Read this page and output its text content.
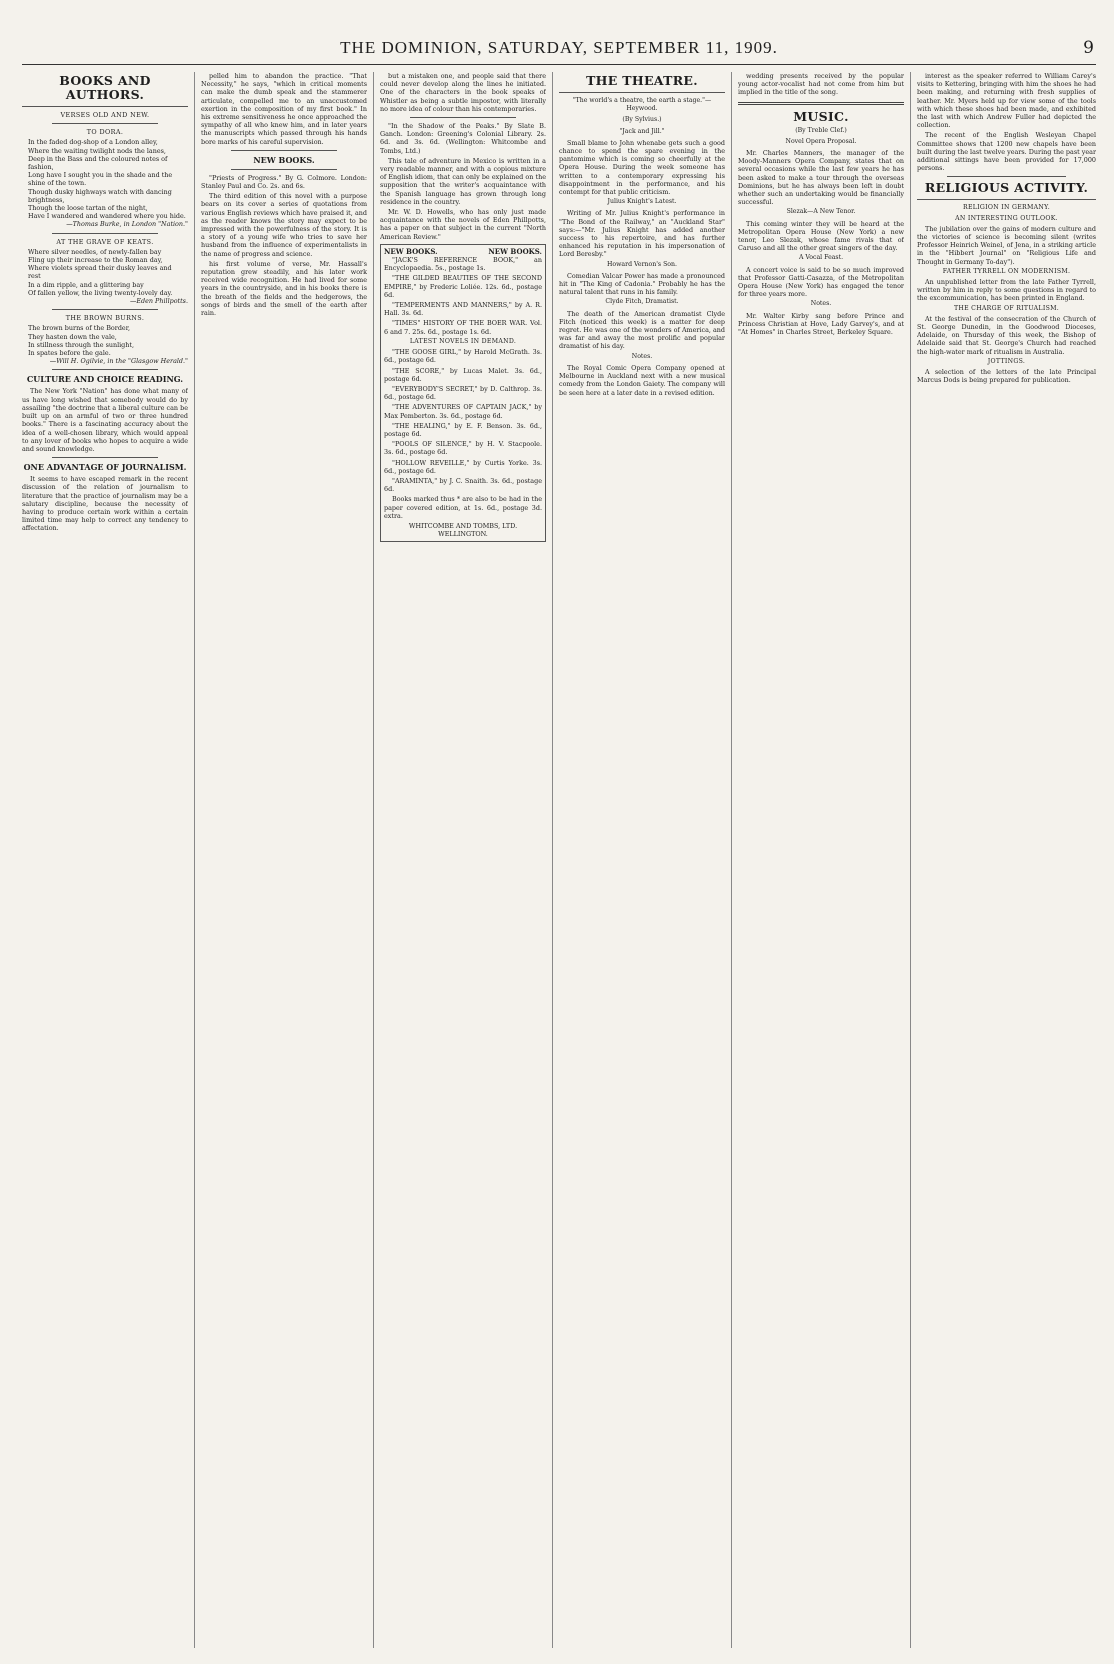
THE DOMINION, SATURDAY, SEPTEMBER 11, 1909.	9
BOOKS AND AUTHORS.
VERSES OLD AND NEW.
TO DORA.

In the faded dog-shop of a London alley,

Where the waiting twilight nods the lanes,

Deep in the Bass and the coloured notes of

fashion,

Long have I sought you in the shade and the

shine of the town.

Though dusky highways watch with dancing

brightness,

Though the loose tartan of the night,

Have I wandered and wandered where you hide.

—Thomas Burke, in London "Nation."
AT THE GRAVE OF KEATS.

Where silver needles, of newly-fallen bay

Fling up their increase to the Roman day,

Where violets spread their dusky leaves and

rest

In a dim ripple, and a glittering bay

Of fallen yellow, the living twenty-lovely day.

—Eden Phillpotts.
THE BROWN BURNS.

The brown burns of the Border,

They hasten down the vale,

In stillness through the sunlight,

In spates before the gale.

—Will H. Ogilvie, in the "Glasgow Herald."
CULTURE AND CHOICE READING.

The New York "Nation" has done what many of us have long wished that somebody would do by assailing "the doctrine that a liberal culture can be built up on an armful of two or three hundred books." There is a fascinating accuracy about the idea of a well-chosen library, which would appeal to any lover of books who hopes to acquire a wide and sound knowledge.

ONE ADVANTAGE OF JOURNALISM.

It seems to have escaped remark in the recent discussion of the relation of journalism to literature that the practice of journalism may be a salutary discipline, because the necessity of having to produce certain work within a certain limited time may help to correct any tendency to affectation.

pelled him to abandon the practice. "That Necessity," he says, "which in critical moments can make the dumb speak and the stammerer articulate, compelled me to an unaccustomed exertion in the composition of my first book." In his extreme sensitiveness he once approached the sympathy of all who knew him, and in later years the manuscripts which passed through his hands bore marks of his careful supervision.

NEW BOOKS.

"Priests of Progress." By G. Colmore. London: Stanley Paul and Co. 2s. and 6s.

The third edition of this novel with a purpose bears on its cover a series of quotations from various English reviews which have praised it, and as the reader knows the story may expect to be impressed with the powerfulness of the story. It is a story of a young wife who tries to save her husband from the influence of experimentalists in the name of progress and science.

his first volume of verse, Mr. Hassall's reputation grew steadily, and his later work received wide recognition. He had lived for some years in the countryside, and in his books there is the breath of the fields and the hedgerows, the songs of birds and the smell of the earth after rain.

but a mistaken one, and people said that there could never develop along the lines he initiated. One of the characters in the book speaks of Whistler as being a subtle impostor, with literally no more idea of colour than his contemporaries.

"In the Shadow of the Peaks." By Slate B. Ganch. London: Greening's Colonial Library. 2s. 6d. and 3s. 6d. (Wellington: Whitcombe and Tombs, Ltd.)

This tale of adventure in Mexico is written in a very readable manner, and with a copious mixture of English idiom, that can only be explained on the supposition that the writer's acquaintance with the Spanish language has grown through long residence in the country.

Mr. W. D. Howells, who has only just made acquaintance with the novels of Eden Phillpotts, has a paper on that subject in the current "North American Review."

NEW BOOKS.	NEW BOOKS.

"JACK'S REFERENCE BOOK," an Encyclopaedia. 5s., postage 1s.

"THE GILDED BEAUTIES OF THE SECOND EMPIRE," by Frederic Loliée. 12s. 6d., postage 6d.

"TEMPERMENTS AND MANNERS," by A. R. Hall. 3s. 6d.

"TIMES" HISTORY OF THE BOER WAR. Vol. 6 and 7. 25s. 6d., postage 1s. 6d.

LATEST NOVELS IN DEMAND.

"THE GOOSE GIRL," by Harold McGrath. 3s. 6d., postage 6d.

"THE SCORE," by Lucas Malet. 3s. 6d., postage 6d.

"EVERYBODY'S SECRET," by D. Calthrop. 3s. 6d., postage 6d.

"THE ADVENTURES OF CAPTAIN JACK," by Max Pemberton. 3s. 6d., postage 6d.

"THE HEALING," by E. F. Benson. 3s. 6d., postage 6d.

"POOLS OF SILENCE," by H. V. Stacpoole. 3s. 6d., postage 6d.

"HOLLOW REVEILLE," by Curtis Yorke. 3s. 6d., postage 6d.

"ARAMINTA," by J. C. Snaith. 3s. 6d., postage 6d.

Books marked thus * are also to be had in the paper covered edition, at 1s. 6d., postage 3d. extra.

WHITCOMBE AND TOMBS, LTD.
WELLINGTON.
THE THEATRE.
"The world's a theatre, the earth a stage."—Heywood.
(By Sylvius.)
"Jack and Jill."

Small blame to John whenabe gets such a good chance to spend the spare evening in the pantomime which is coming so cheerfully at the Opera House. During the week someone has written to a contemporary expressing his disappointment in the performance, and his contempt for that public criticism.

Julius Knight's Latest.

Writing of Mr. Julius Knight's performance in "The Bond of the Railway," an "Auckland Star" says:—"Mr. Julius Knight has added another success to his repertoire, and has further enhanced his reputation in his impersonation of Lord Beresby."

Howard Vernon's Son.

Comedian Valcar Power has made a pronounced hit in "The King of Cadonia." Probably he has the natural talent that runs in his family.

Clyde Fitch, Dramatist.

The death of the American dramatist Clyde Fitch (noticed this week) is a matter for deep regret. He was one of the wonders of America, and was far and away the most prolific and popular dramatist of his day.

Notes.

The Royal Comic Opera Company opened at Melbourne in Auckland next with a new musical comedy from the London Gaiety. The company will be seen here at a later date in a revised edition.

wedding presents received by the popular young actor-vocalist had not come from him but implied in the title of the song.

MUSIC.
(By Treble Clef.)
Novel Opera Proposal.

Mr. Charles Manners, the manager of the Moody-Manners Opera Company, states that on several occasions while the last few years he has been asked to make a tour through the overseas Dominions, but he has always been left in doubt whether such an undertaking would be financially successful.

Slezak—A New Tenor.

This coming winter they will be heard at the Metropolitan Opera House (New York) a new tenor, Leo Slezak, whose fame rivals that of Caruso and all the other great singers of the day.

A Vocal Feast.

A concert voice is said to be so much improved that Professor Gatti-Casazza, of the Metropolitan Opera House (New York) has engaged the tenor for three years more.

Notes.

Mr. Walter Kirby sang before Prince and Princess Christian at Hove, Lady Garvey's, and at "At Homes" in Charles Street, Berkeley Square.

interest as the speaker referred to William Carey's visits to Kettering, bringing with him the shoes he had been making, and returning with fresh supplies of leather. Mr. Myers held up for view some of the tools with which these shoes had been made, and exhibited the last with which Andrew Fuller had depicted the collection.

The recent of the English Wesleyan Chapel Committee shows that 1200 new chapels have been built during the last twelve years. During the past year additional sittings have been provided for 17,000 persons.

RELIGIOUS ACTIVITY.
RELIGION IN GERMANY.
AN INTERESTING OUTLOOK.

The jubilation over the gains of modern culture and the victories of science is becoming silent (writes Professor Heinrich Weinel, of Jena, in a striking article in the "Hibbert Journal" on "Religious Life and Thought in Germany To-day").

FATHER TYRRELL ON MODERNISM.

An unpublished letter from the late Father Tyrrell, written by him in reply to some questions in regard to the excommunication, has been printed in England.

THE CHARGE OF RITUALISM.

At the festival of the consecration of the Church of St. George Dunedin, in the Goodwood Dioceses, Adelaide, on Thursday of this week, the Bishop of Adelaide said that St. George's Church had reached the high-water mark of ritualism in Australia.

JOTTINGS.

A selection of the letters of the late Principal Marcus Dods is being prepared for publication.
